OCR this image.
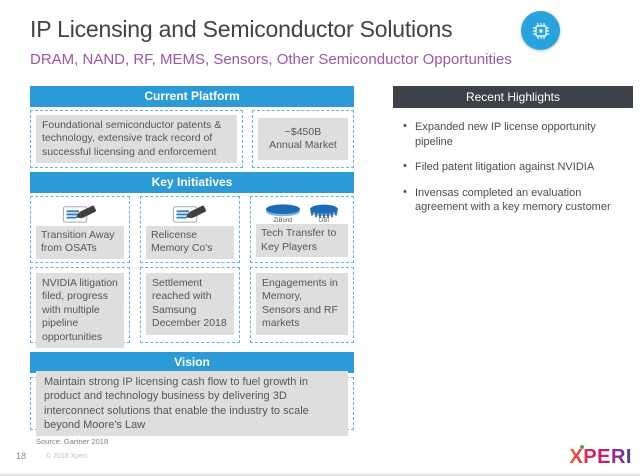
IP Licensing and Semiconductor Solutions
DRAM, NAND, RF, MEMS, Sensors, Other Semiconductor Opportunities
Current Platform
Foundational semiconductor patents & technology, extensive track record of successful licensing and enforcement
~$450B
Annual Market
Key Initiatives
Transition Away from OSATs
Relicense Memory Co's
ZiBond	DBI
Tech Transfer to Key Players
NVIDIA litigation filed, progress with multiple pipeline opportunities
Settlement reached with Samsung December 2018
Engagements in Memory, Sensors and RF markets
Vision
Maintain strong IP licensing cash flow to fuel growth in product and technology business by delivering 3D interconnect solutions that enable the industry to scale beyond Moore's Law
Source: Gartner 2018
Recent Highlights
• Expanded new IP license opportunity pipeline
• Filed patent litigation against NVIDIA
• Invensas completed an evaluation agreement with a key memory customer
18	© 2018 Xperi	XPERI
